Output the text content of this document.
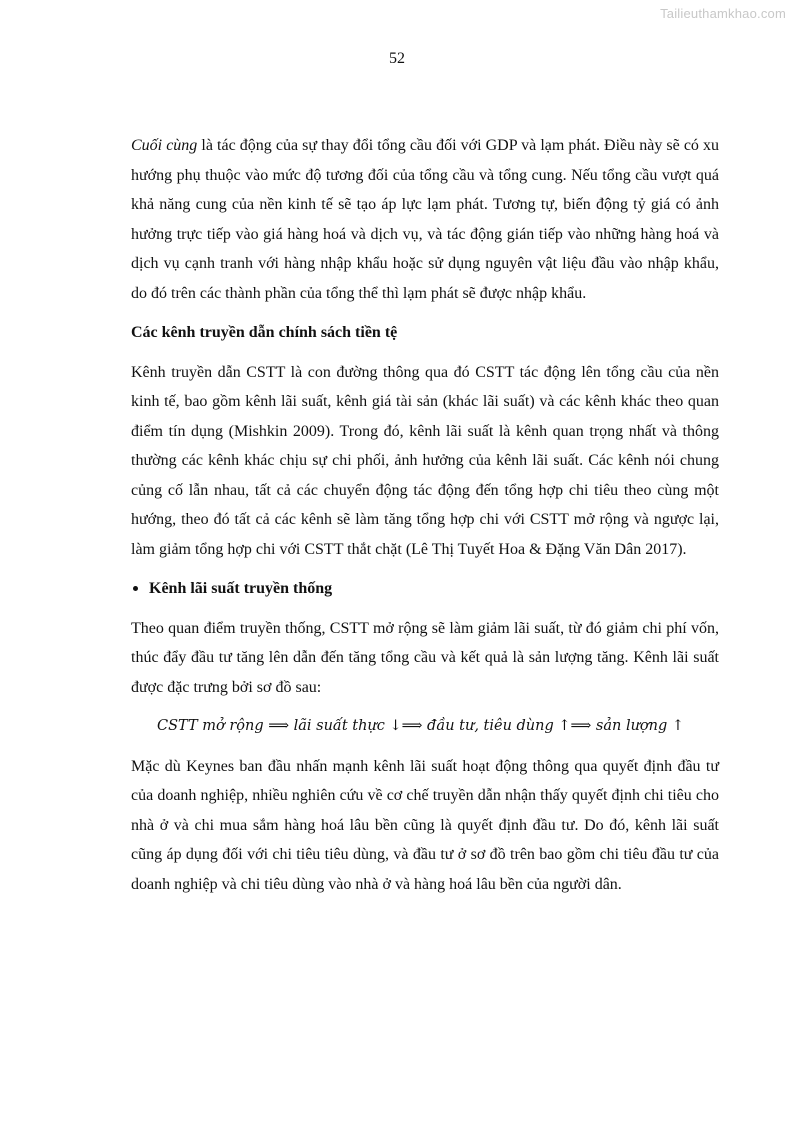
Tailieuthamkhao.com
52

Cuối cùng là tác động của sự thay đổi tổng cầu đối với GDP và lạm phát. Điều này sẽ có xu hướng phụ thuộc vào mức độ tương đối của tổng cầu và tổng cung. Nếu tổng cầu vượt quá khả năng cung của nền kinh tế sẽ tạo áp lực lạm phát. Tương tự, biến động tỷ giá có ảnh hưởng trực tiếp vào giá hàng hoá và dịch vụ, và tác động gián tiếp vào những hàng hoá và dịch vụ cạnh tranh với hàng nhập khẩu hoặc sử dụng nguyên vật liệu đầu vào nhập khẩu, do đó trên các thành phần của tổng thể thì lạm phát sẽ được nhập khẩu.

Các kênh truyền dẫn chính sách tiền tệ

Kênh truyền dẫn CSTT là con đường thông qua đó CSTT tác động lên tổng cầu của nền kinh tế, bao gồm kênh lãi suất, kênh giá tài sản (khác lãi suất) và các kênh khác theo quan điểm tín dụng (Mishkin 2009). Trong đó, kênh lãi suất là kênh quan trọng nhất và thông thường các kênh khác chịu sự chi phối, ảnh hưởng của kênh lãi suất. Các kênh nói chung củng cố lẫn nhau, tất cả các chuyển động tác động đến tổng hợp chi tiêu theo cùng một hướng, theo đó tất cả các kênh sẽ làm tăng tổng hợp chi với CSTT mở rộng và ngược lại, làm giảm tổng hợp chi với CSTT thắt chặt (Lê Thị Tuyết Hoa & Đặng Văn Dân 2017).

Kênh lãi suất truyền thống

Theo quan điểm truyền thống, CSTT mở rộng sẽ làm giảm lãi suất, từ đó giảm chi phí vốn, thúc đẩy đầu tư tăng lên dẫn đến tăng tổng cầu và kết quả là sản lượng tăng. Kênh lãi suất được đặc trưng bởi sơ đồ sau:

CSTT mở rộng ⟹ lãi suất thực ↓⟹ đầu tư, tiêu dùng ↑⟹ sản lượng ↑

Mặc dù Keynes ban đầu nhấn mạnh kênh lãi suất hoạt động thông qua quyết định đầu tư của doanh nghiệp, nhiều nghiên cứu về cơ chế truyền dẫn nhận thấy quyết định chi tiêu cho nhà ở và chi mua sắm hàng hoá lâu bền cũng là quyết định đầu tư. Do đó, kênh lãi suất cũng áp dụng đối với chi tiêu tiêu dùng, và đầu tư ở sơ đồ trên bao gồm chi tiêu đầu tư của doanh nghiệp và chi tiêu dùng vào nhà ở và hàng hoá lâu bền của người dân.
